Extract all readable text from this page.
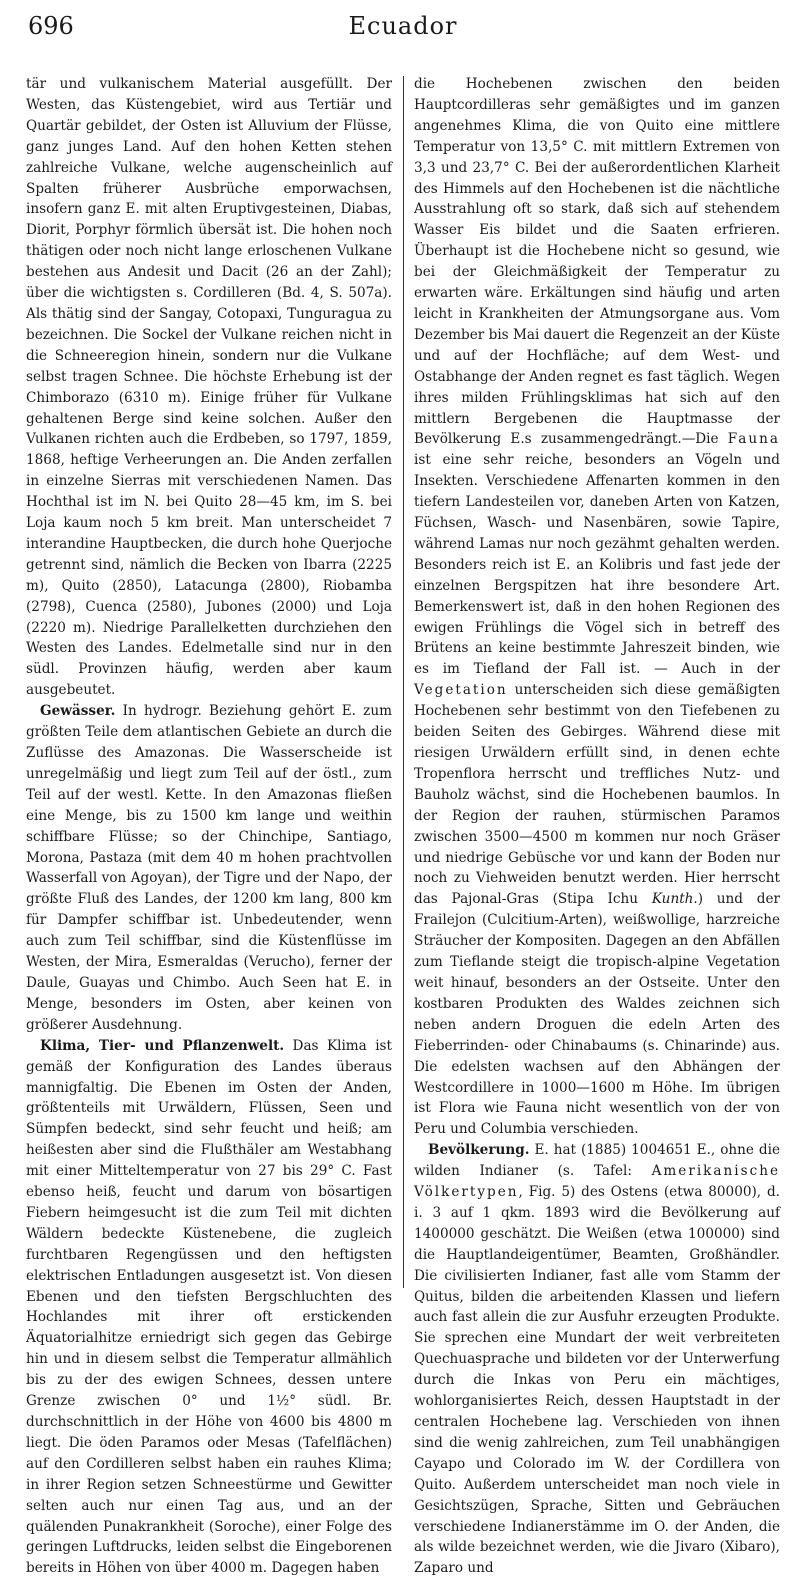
696	Ecuador

tär und vulkanischem Material ausgefüllt. Der Westen, das Küstengebiet, wird aus Tertiär und Quartär gebildet, der Osten ist Alluvium der Flüsse, ganz junges Land. Auf den hohen Ketten stehen zahlreiche Vulkane, welche augenscheinlich auf Spalten früherer Ausbrüche emporwachsen, insofern ganz E. mit alten Eruptivgesteinen, Diabas, Diorit, Porphyr förmlich übersät ist. Die hohen noch thätigen oder noch nicht lange erloschenen Vulkane bestehen aus Andesit und Dacit (26 an der Zahl); über die wichtigsten s. Cordilleren (Bd. 4, S. 507a). Als thätig sind der Sangay, Cotopaxi, Tunguragua zu bezeichnen. Die Sockel der Vulkane reichen nicht in die Schneeregion hinein, sondern nur die Vulkane selbst tragen Schnee. Die höchste Erhebung ist der Chimborazo (6310 m). Einige früher für Vulkane gehaltenen Berge sind keine solchen. Außer den Vulkanen richten auch die Erdbeben, so 1797, 1859, 1868, heftige Verheerungen an. Die Anden zerfallen in einzelne Sierras mit verschiedenen Namen. Das Hochthal ist im N. bei Quito 28—45 km, im S. bei Loja kaum noch 5 km breit. Man unterscheidet 7 interandine Hauptbecken, die durch hohe Querjoche getrennt sind, nämlich die Becken von Ibarra (2225 m), Quito (2850), Latacunga (2800), Riobamba (2798), Cuenca (2580), Jubones (2000) und Loja (2220 m). Niedrige Parallelketten durchziehen den Westen des Landes. Edelmetalle sind nur in den südl. Provinzen häufig, werden aber kaum ausgebeutet.

Gewässer. In hydrogr. Beziehung gehört E. zum größten Teile dem atlantischen Gebiete an durch die Zuflüsse des Amazonas. Die Wasserscheide ist unregelmäßig und liegt zum Teil auf der östl., zum Teil auf der westl. Kette. In den Amazonas fließen eine Menge, bis zu 1500 km lange und weithin schiffbare Flüsse; so der Chinchipe, Santiago, Morona, Pastaza (mit dem 40 m hohen prachtvollen Wasserfall von Agoyan), der Tigre und der Napo, der größte Fluß des Landes, der 1200 km lang, 800 km für Dampfer schiffbar ist. Unbedeutender, wenn auch zum Teil schiffbar, sind die Küstenflüsse im Westen, der Mira, Esmeraldas (Verucho), ferner der Daule, Guayas und Chimbo. Auch Seen hat E. in Menge, besonders im Osten, aber keinen von größerer Ausdehnung.

Klima, Tier- und Pflanzenwelt. Das Klima ist gemäß der Konfiguration des Landes überaus mannigfaltig. Die Ebenen im Osten der Anden, größtenteils mit Urwäldern, Flüssen, Seen und Sümpfen bedeckt, sind sehr feucht und heiß; am heißesten aber sind die Flußthäler am Westabhang mit einer Mitteltemperatur von 27 bis 29° C. Fast ebenso heiß, feucht und darum von bösartigen Fiebern heimgesucht ist die zum Teil mit dichten Wäldern bedeckte Küstenebene, die zugleich furchtbaren Regengüssen und den heftigsten elektrischen Entladungen ausgesetzt ist. Von diesen Ebenen und den tiefsten Bergschluchten des Hochlandes mit ihrer oft erstickenden Äquatorialhitze erniedrigt sich gegen das Gebirge hin und in diesem selbst die Temperatur allmählich bis zu der des ewigen Schnees, dessen untere Grenze zwischen 0° und 1½° südl. Br. durchschnittlich in der Höhe von 4600 bis 4800 m liegt. Die öden Paramos oder Mesas (Tafelflächen) auf den Cordilleren selbst haben ein rauhes Klima; in ihrer Region setzen Schneestürme und Gewitter selten auch nur einen Tag aus, und an der quälenden Punakrankheit (Soroche), einer Folge des geringen Luftdrucks, leiden selbst die Eingeborenen bereits in Höhen von über 4000 m. Dagegen haben

die Hochebenen zwischen den beiden Hauptcordilleras sehr gemäßigtes und im ganzen angenehmes Klima, die von Quito eine mittlere Temperatur von 13,5° C. mit mittlern Extremen von 3,3 und 23,7° C. Bei der außerordentlichen Klarheit des Himmels auf den Hochebenen ist die nächtliche Ausstrahlung oft so stark, daß sich auf stehendem Wasser Eis bildet und die Saaten erfrieren. Überhaupt ist die Hochebene nicht so gesund, wie bei der Gleichmäßigkeit der Temperatur zu erwarten wäre. Erkältungen sind häufig und arten leicht in Krankheiten der Atmungsorgane aus. Vom Dezember bis Mai dauert die Regenzeit an der Küste und auf der Hochfläche; auf dem West- und Ostabhange der Anden regnet es fast täglich. Wegen ihres milden Frühlingsklimas hat sich auf den mittlern Bergebenen die Hauptmasse der Bevölkerung E.s zusammengedrängt.—Die Fauna ist eine sehr reiche, besonders an Vögeln und Insekten. Verschiedene Affenarten kommen in den tiefern Landesteilen vor, daneben Arten von Katzen, Füchsen, Wasch- und Nasenbären, sowie Tapire, während Lamas nur noch gezähmt gehalten werden. Besonders reich ist E. an Kolibris und fast jede der einzelnen Bergspitzen hat ihre besondere Art. Bemerkenswert ist, daß in den hohen Regionen des ewigen Frühlings die Vögel sich in betreff des Brütens an keine bestimmte Jahreszeit binden, wie es im Tiefland der Fall ist. — Auch in der Vegetation unterscheiden sich diese gemäßigten Hochebenen sehr bestimmt von den Tiefebenen zu beiden Seiten des Gebirges. Während diese mit riesigen Urwäldern erfüllt sind, in denen echte Tropenflora herrscht und treffliches Nutz- und Bauholz wächst, sind die Hochebenen baumlos. In der Region der rauhen, stürmischen Paramos zwischen 3500—4500 m kommen nur noch Gräser und niedrige Gebüsche vor und kann der Boden nur noch zu Viehweiden benutzt werden. Hier herrscht das Pajonal-Gras (Stipa Ichu Kunth.) und der Frailejon (Culcitium-Arten), weißwollige, harzreiche Sträucher der Kompositen. Dagegen an den Abfällen zum Tieflande steigt die tropisch-alpine Vegetation weit hinauf, besonders an der Ostseite. Unter den kostbaren Produkten des Waldes zeichnen sich neben andern Droguen die edeln Arten des Fieberrinden- oder Chinabaums (s. Chinarinde) aus. Die edelsten wachsen auf den Abhängen der Westcordillere in 1000—1600 m Höhe. Im übrigen ist Flora wie Fauna nicht wesentlich von der von Peru und Columbia verschieden.

Bevölkerung. E. hat (1885) 1004651 E., ohne die wilden Indianer (s. Tafel: Amerikanische Völkertypen, Fig. 5) des Ostens (etwa 80000), d. i. 3 auf 1 qkm. 1893 wird die Bevölkerung auf 1400000 geschätzt. Die Weißen (etwa 100000) sind die Hauptlandeigentümer, Beamten, Großhändler. Die civilisierten Indianer, fast alle vom Stamm der Quitus, bilden die arbeitenden Klassen und liefern auch fast allein die zur Ausfuhr erzeugten Produkte. Sie sprechen eine Mundart der weit verbreiteten Quechuasprache und bildeten vor der Unterwerfung durch die Inkas von Peru ein mächtiges, wohlorganisiertes Reich, dessen Hauptstadt in der centralen Hochebene lag. Verschieden von ihnen sind die wenig zahlreichen, zum Teil unabhängigen Cayapo und Colorado im W. der Cordillera von Quito. Außerdem unterscheidet man noch viele in Gesichtszügen, Sprache, Sitten und Gebräuchen verschiedene Indianerstämme im O. der Anden, die als wilde bezeichnet werden, wie die Jivaro (Xibaro), Zaparo und
